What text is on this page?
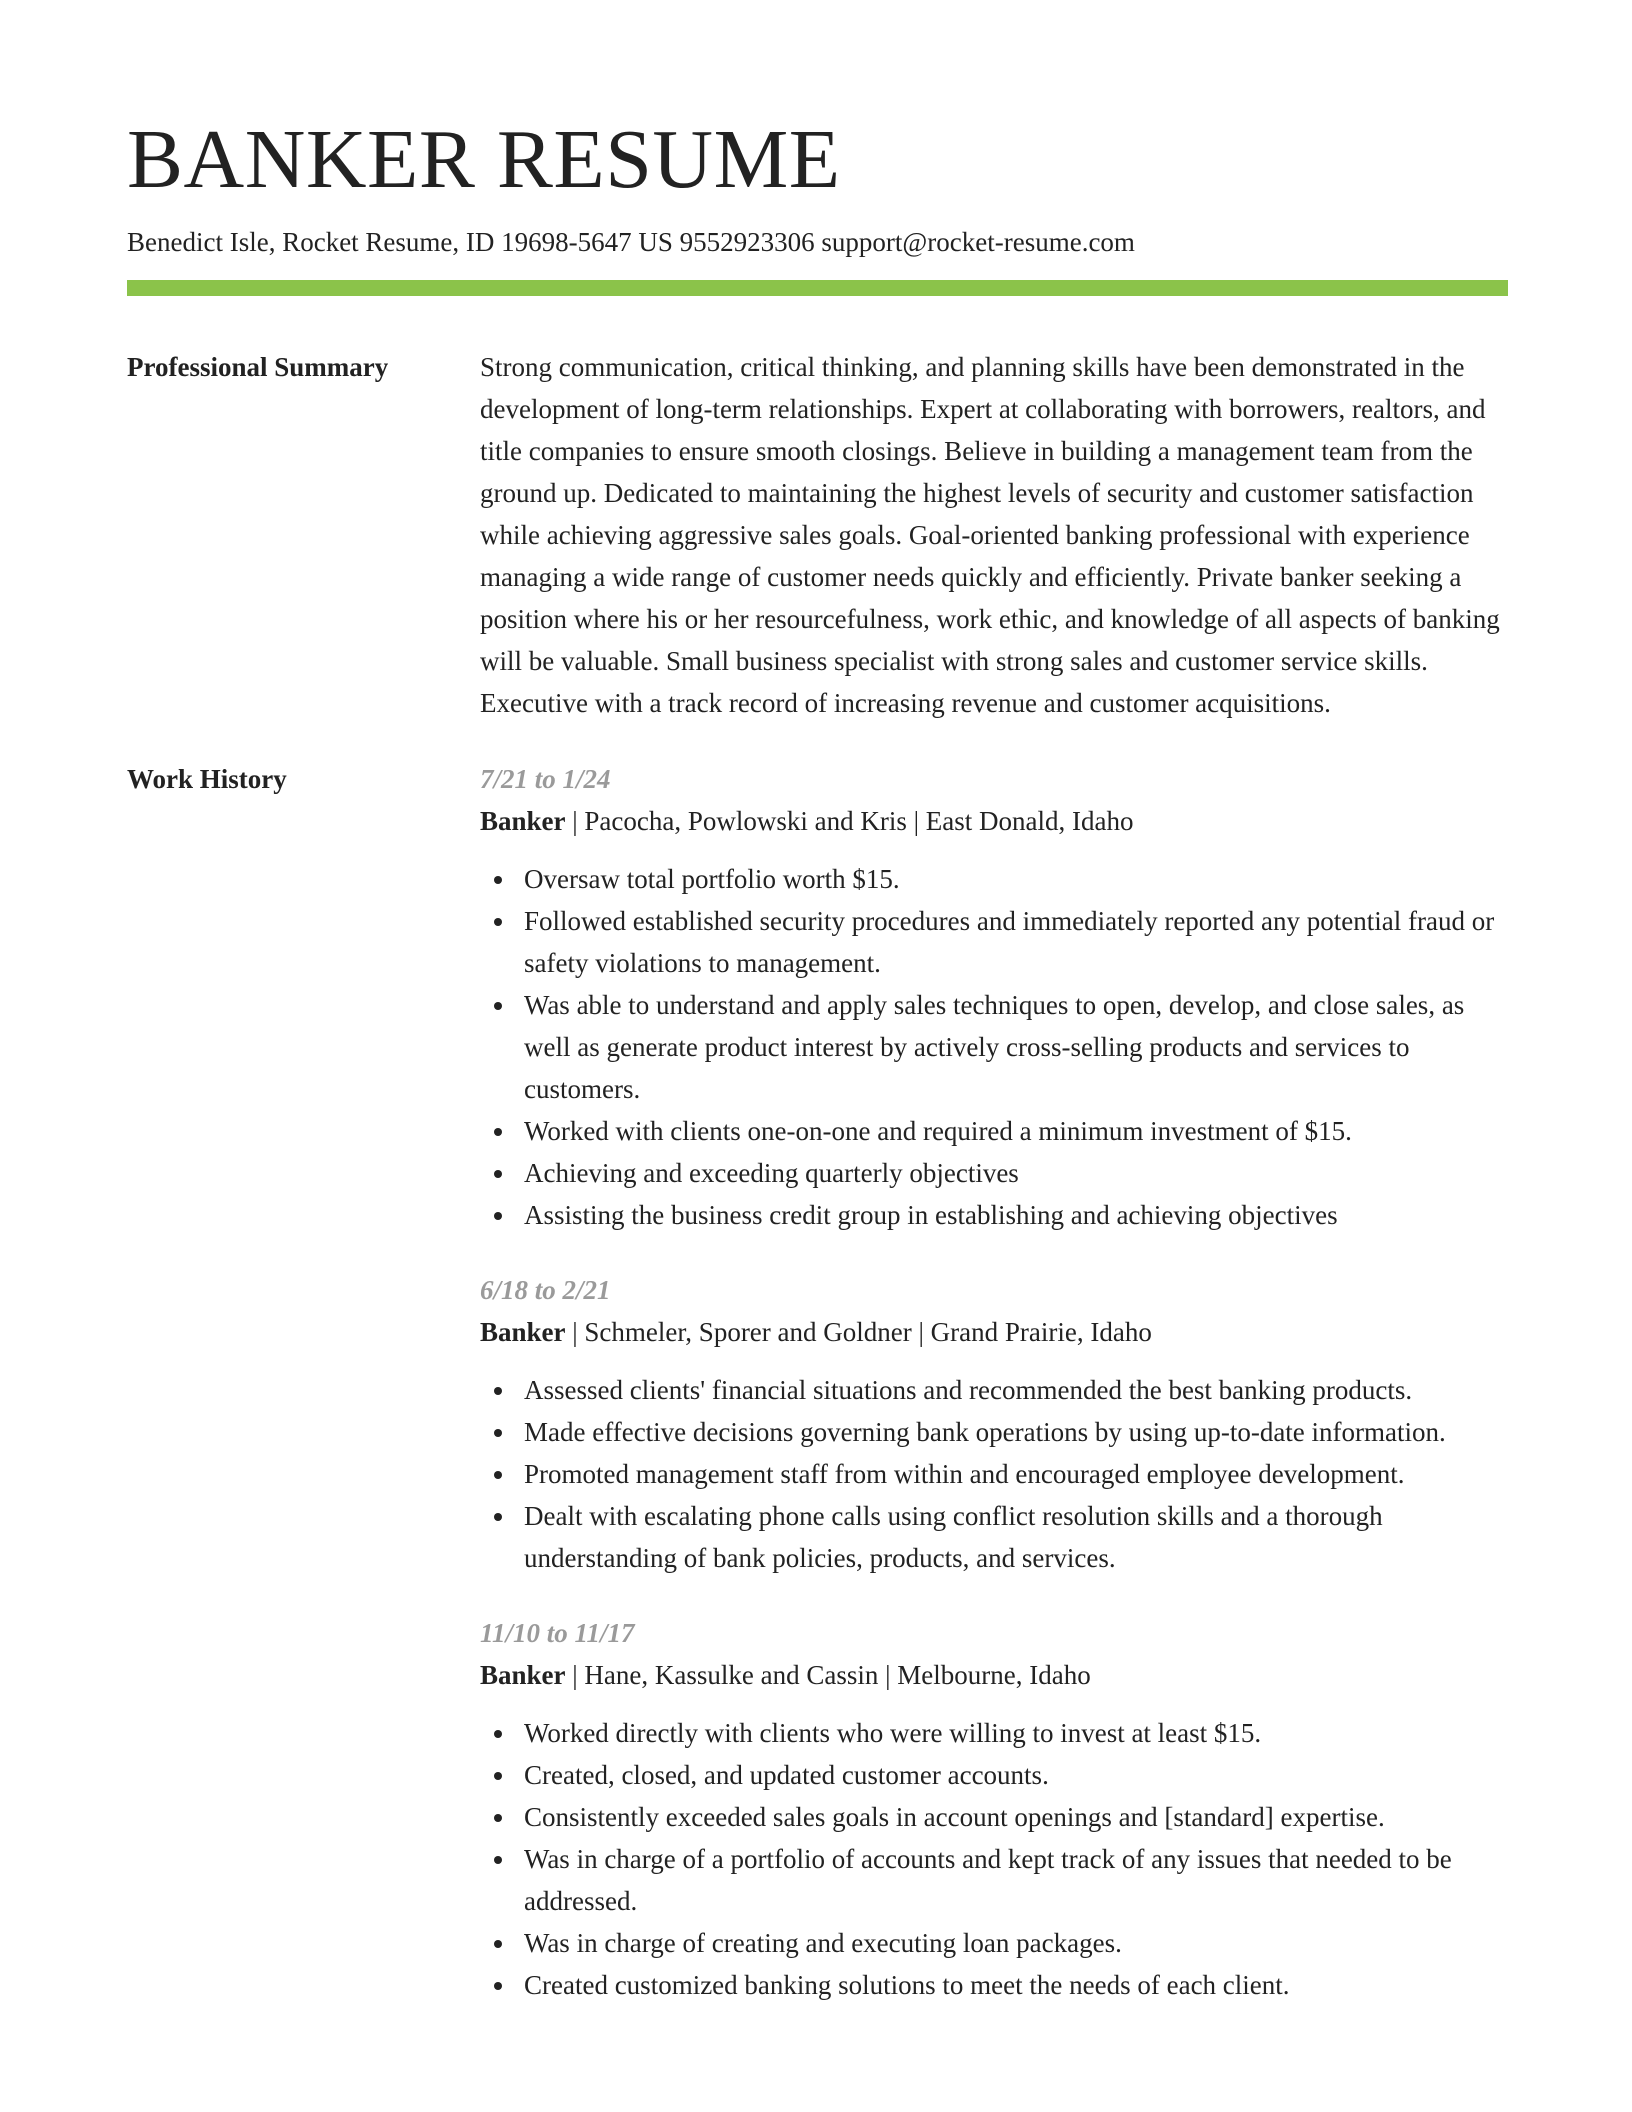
BANKER RESUME
Benedict Isle, Rocket Resume, ID 19698-5647 US 9552923306 support@rocket-resume.com
Professional Summary	Strong communication, critical thinking, and planning skills have been demonstrated in the development of long-term relationships. Expert at collaborating with borrowers, realtors, and title companies to ensure smooth closings. Believe in building a management team from the ground up. Dedicated to maintaining the highest levels of security and customer satisfaction while achieving aggressive sales goals. Goal-oriented banking professional with experience managing a wide range of customer needs quickly and efficiently. Private banker seeking a position where his or her resourcefulness, work ethic, and knowledge of all aspects of banking will be valuable. Small business specialist with strong sales and customer service skills. Executive with a track record of increasing revenue and customer acquisitions.

Work History	7/21 to 1/24
Banker | Pacocha, Powlowski and Kris | East Donald, Idaho
Oversaw total portfolio worth $15.
Followed established security procedures and immediately reported any potential fraud or safety violations to management.
Was able to understand and apply sales techniques to open, develop, and close sales, as well as generate product interest by actively cross-selling products and services to customers.
Worked with clients one-on-one and required a minimum investment of $15.
Achieving and exceeding quarterly objectives
Assisting the business credit group in establishing and achieving objectives
6/18 to 2/21
Banker | Schmeler, Sporer and Goldner | Grand Prairie, Idaho
Assessed clients' financial situations and recommended the best banking products.
Made effective decisions governing bank operations by using up-to-date information.
Promoted management staff from within and encouraged employee development.
Dealt with escalating phone calls using conflict resolution skills and a thorough understanding of bank policies, products, and services.
11/10 to 11/17
Banker | Hane, Kassulke and Cassin | Melbourne, Idaho
Worked directly with clients who were willing to invest at least $15.
Created, closed, and updated customer accounts.
Consistently exceeded sales goals in account openings and [standard] expertise.
Was in charge of a portfolio of accounts and kept track of any issues that needed to be addressed.
Was in charge of creating and executing loan packages.
Created customized banking solutions to meet the needs of each client.
